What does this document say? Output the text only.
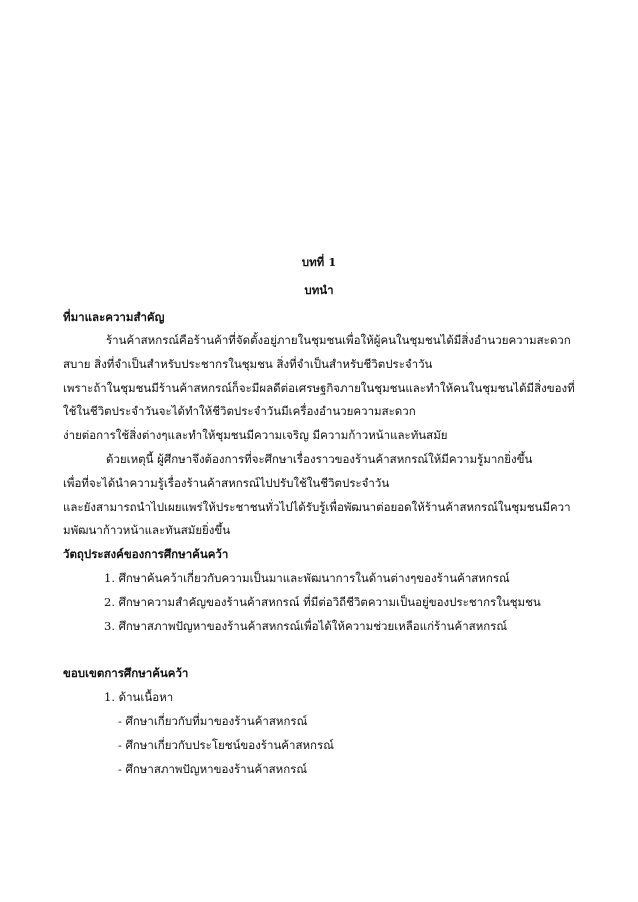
บทที่ 1
บทนำ
ที่มาและความสำคัญ
ร้านค้าสหกรณ์คือร้านค้าที่จัดตั้งอยู่ภายในชุมชนเพื่อให้ผู้คนในชุมชนได้มีสิ่งอำนวยความสะดวก
สบาย สิ่งที่จำเป็นสำหรับประชากรในชุมชน สิ่งที่จำเป็นสำหรับชีวิตประจำวัน
เพราะถ้าในชุมชนมีร้านค้าสหกรณ์ก็จะมีผลดีต่อเศรษฐกิจภายในชุมชนและทำให้คนในชุมชนได้มีสิ่งของที่
ใช้ในชีวิตประจำวันจะได้ทำให้ชีวิตประจำวันมีเครื่องอำนวยความสะดวก
ง่ายต่อการใช้สิ่งต่างๆและทำให้ชุมชนมีความเจริญ มีความก้าวหน้าและทันสมัย
ด้วยเหตุนี้ ผู้ศึกษาจึงต้องการที่จะศึกษาเรื่องราวของร้านค้าสหกรณ์ให้มีความรู้มากยิ่งขึ้น
เพื่อที่จะได้นำความรู้เรื่องร้านค้าสหกรณ์ไปปรับใช้ในชีวิตประจำวัน
และยังสามารถนำไปเผยแพร่ให้ประชาชนทั่วไปได้รับรู้เพื่อพัฒนาต่อยอดให้ร้านค้าสหกรณ์ในชุมชนมีควา
มพัฒนาก้าวหน้าและทันสมัยยิ่งขึ้น
วัตถุประสงค์ของการศึกษาค้นคว้า
1. ศึกษาค้นคว้าเกี่ยวกับความเป็นมาและพัฒนาการในด้านต่างๆของร้านค้าสหกรณ์
2. ศึกษาความสำคัญของร้านค้าสหกรณ์ ที่มีต่อวิถีชีวิตความเป็นอยู่ของประชากรในชุมชน
3. ศึกษาสภาพปัญหาของร้านค้าสหกรณ์เพื่อได้ให้ความช่วยเหลือแก่ร้านค้าสหกรณ์
ขอบเขตการศึกษาค้นคว้า
1. ด้านเนื้อหา
- ศึกษาเกี่ยวกับที่มาของร้านค้าสหกรณ์
- ศึกษาเกี่ยวกับประโยชน์ของร้านค้าสหกรณ์
- ศึกษาสภาพปัญหาของร้านค้าสหกรณ์
